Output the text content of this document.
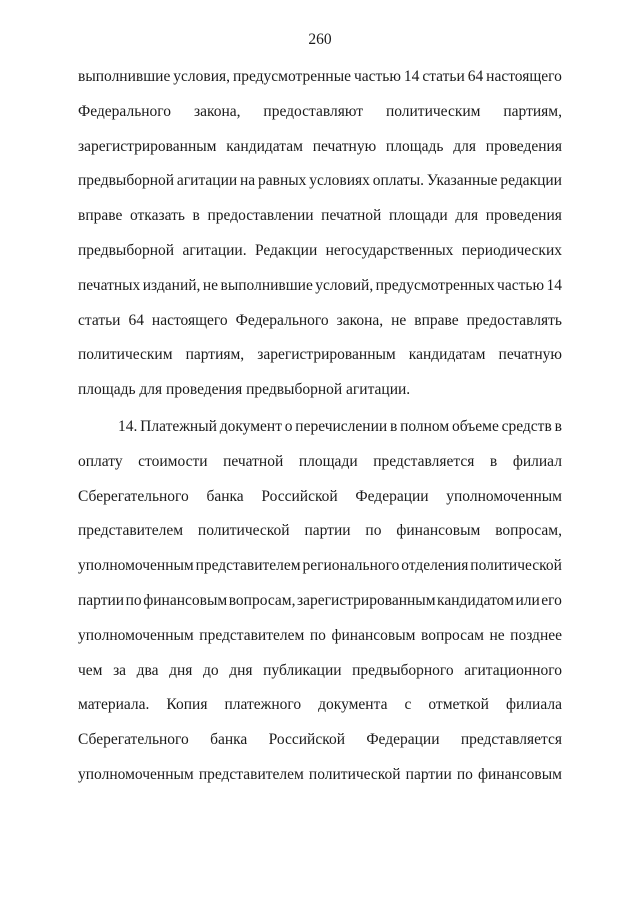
260
выполнившие условия, предусмотренные частью 14 статьи 64 настоящего
Федерального закона, предоставляют политическим партиям,
зарегистрированным кандидатам печатную площадь для проведения
предвыборной агитации на равных условиях оплаты. Указанные редакции
вправе отказать в предоставлении печатной площади для проведения
предвыборной агитации. Редакции негосударственных периодических
печатных изданий, не выполнившие условий, предусмотренных частью 14
статьи 64 настоящего Федерального закона, не вправе предоставлять
политическим партиям, зарегистрированным кандидатам печатную
площадь для проведения предвыборной агитации.
14. Платежный документ о перечислении в полном объеме средств в
оплату стоимости печатной площади представляется в филиал
Сберегательного банка Российской Федерации уполномоченным
представителем политической партии по финансовым вопросам,
уполномоченным представителем регионального отделения политической
партии по финансовым вопросам, зарегистрированным кандидатом или его
уполномоченным представителем по финансовым вопросам не позднее
чем за два дня до дня публикации предвыборного агитационного
материала. Копия платежного документа с отметкой филиала
Сберегательного банка Российской Федерации представляется
уполномоченным представителем политической партии по финансовым
